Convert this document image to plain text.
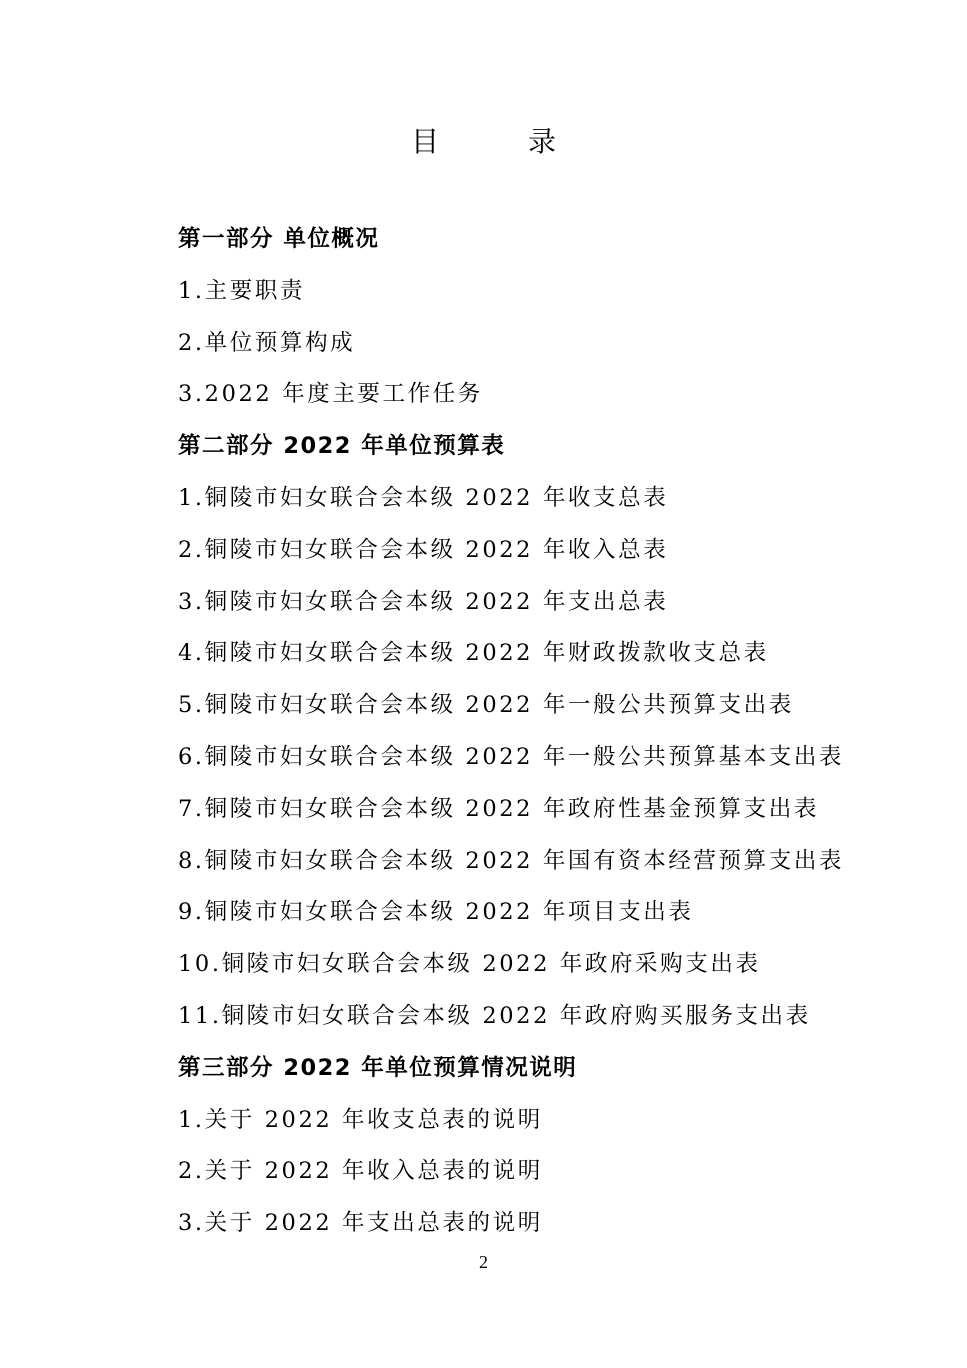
目 录
第一部分 单位概况
1.主要职责
2.单位预算构成
3.2022 年度主要工作任务
第二部分 2022 年单位预算表
1.铜陵市妇女联合会本级 2022 年收支总表
2.铜陵市妇女联合会本级 2022 年收入总表
3.铜陵市妇女联合会本级 2022 年支出总表
4.铜陵市妇女联合会本级 2022 年财政拨款收支总表
5.铜陵市妇女联合会本级 2022 年一般公共预算支出表
6.铜陵市妇女联合会本级 2022 年一般公共预算基本支出表
7.铜陵市妇女联合会本级 2022 年政府性基金预算支出表
8.铜陵市妇女联合会本级 2022 年国有资本经营预算支出表
9.铜陵市妇女联合会本级 2022 年项目支出表
10.铜陵市妇女联合会本级 2022 年政府采购支出表
11.铜陵市妇女联合会本级 2022 年政府购买服务支出表
第三部分 2022 年单位预算情况说明
1.关于 2022 年收支总表的说明
2.关于 2022 年收入总表的说明
3.关于 2022 年支出总表的说明
2
